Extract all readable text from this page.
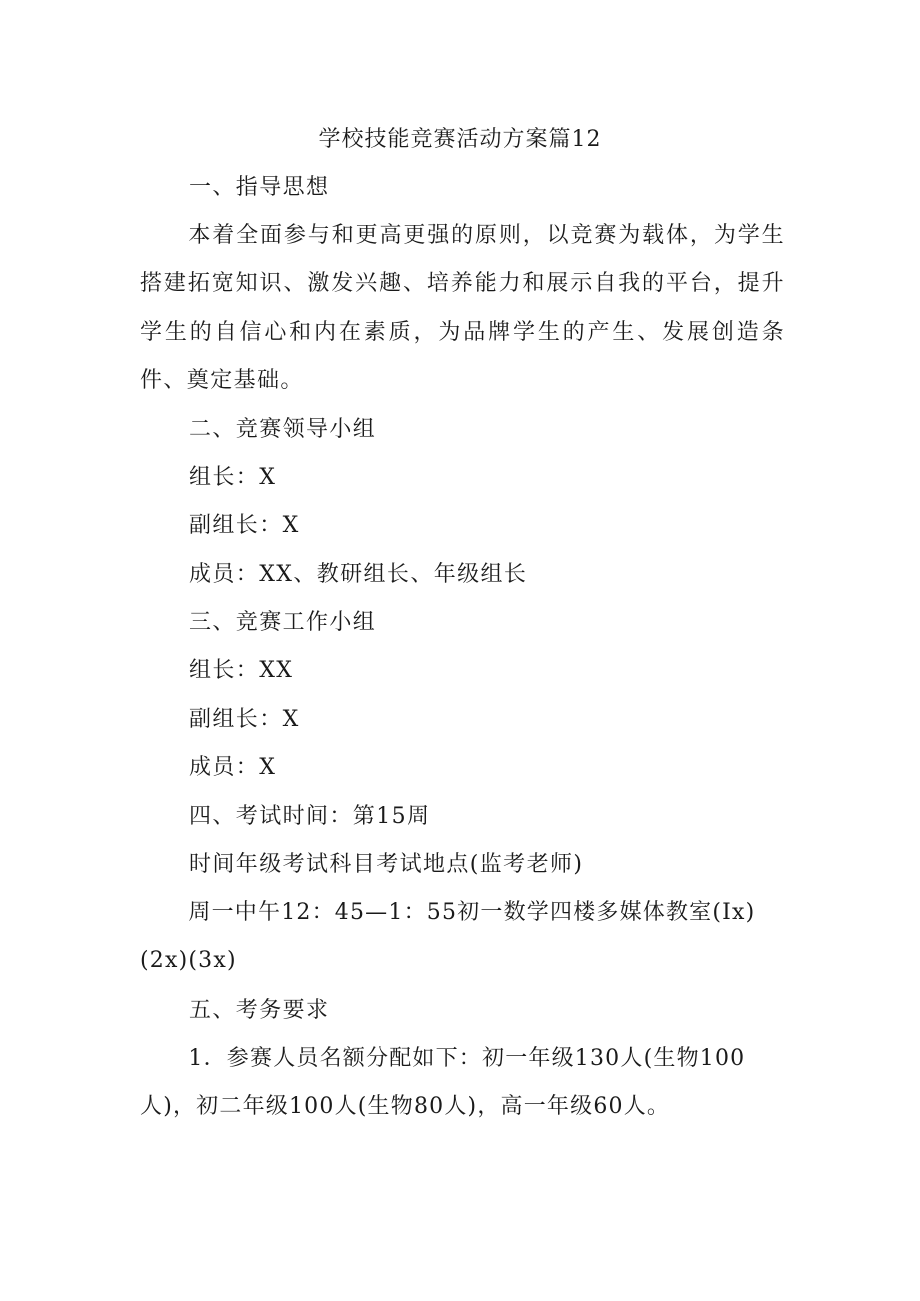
学校技能竞赛活动方案篇12
一、指导思想

本着全面参与和更高更强的原则，以竞赛为载体，为学生搭建拓宽知识、激发兴趣、培养能力和展示自我的平台，提升学生的自信心和内在素质，为品牌学生的产生、发展创造条件、奠定基础。

二、竞赛领导小组
组长：X
副组长：X
成员：XX、教研组长、年级组长
三、竞赛工作小组
组长：XX
副组长：X
成员：X
四、考试时间：第15周
时间年级考试科目考试地点(监考老师)

周一中午12：45—1：55初一数学四楼多媒体教室(Ix)(2x)(3x)

五、考务要求

1．参赛人员名额分配如下：初一年级130人(生物100人)，初二年级100人(生物80人)，高一年级60人。
